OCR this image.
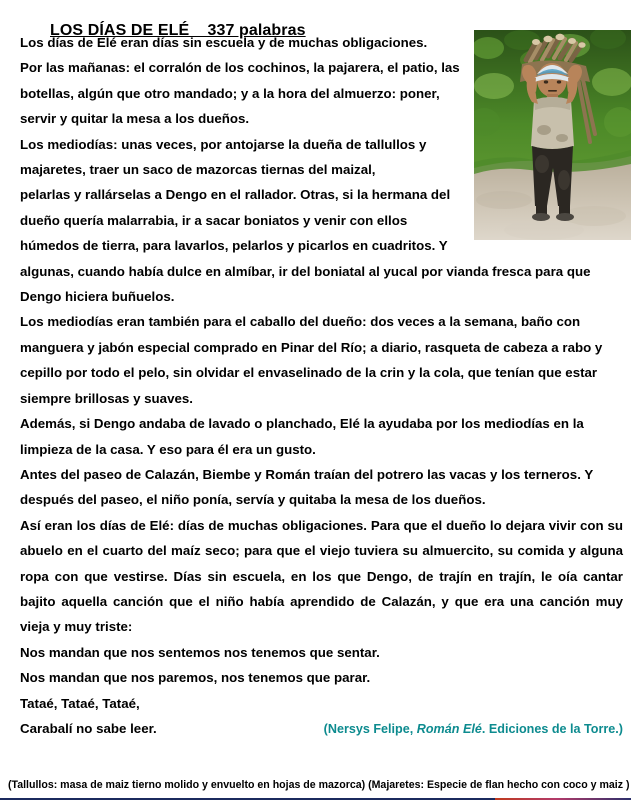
LOS DÍAS DE ELÉ    337 palabras

Los días de Elé eran días sin escuela y de muchas obligaciones.

Por las mañanas: el corralón de los cochinos, la pajarera, el patio, las botellas, algún que otro mandado; y a la hora del almuerzo: poner, servir y quitar la mesa a los dueños.

Los mediodías: unas veces, por antojarse la dueña de tallullos y majaretes, traer un saco de mazorcas tiernas del maizal,

pelarlas y rallárselas a Dengo en el rallador. Otras, si la hermana del dueño quería malarrabia, ir a sacar boniatos y venir con ellos húmedos de tierra, para lavarlos, pelarlos y picarlos en cuadritos. Y algunas, cuando había dulce en almíbar, ir del boniatal al yucal por vianda fresca para que Dengo hiciera buñuelos.

Los mediodías eran también para el caballo del dueño: dos veces a la semana, baño con manguera y jabón especial comprado en Pinar del Río; a diario, rasqueta de cabeza a rabo y cepillo por todo el pelo, sin olvidar el envaselinado de la crin y la cola, que tenían que estar siempre brillosas y suaves.

Además, si Dengo andaba de lavado o planchado, Elé la ayudaba por los mediodías en la limpieza de la casa. Y eso para él era un gusto.

Antes del paseo de Calazán, Biembe y Román traían del potrero las vacas y los terneros. Y después del paseo, el niño ponía, servía y quitaba la mesa de los dueños.

Así eran los días de Elé: días de muchas obligaciones. Para que el dueño lo dejara vivir con su abuelo en el cuarto del maíz seco; para que el viejo tuviera su almuercito, su comida y alguna ropa con que vestirse. Días sin escuela, en los que Dengo, de trajín en trajín, le oía cantar bajito aquella canción que el niño había aprendido de Calazán, y que era una canción muy vieja y muy triste:

Nos mandan que nos sentemos nos tenemos que sentar.

Nos mandan que nos paremos, nos tenemos que parar.

Tataé, Tataé, Tataé,

Carabalí no sabe leer.	(Nersys Felipe, Román Elé. Ediciones de la Torre.)
(Tallullos: masa de maiz tierno molido y envuelto en hojas de mazorca) (Majaretes: Especie de flan hecho con coco y maiz )
